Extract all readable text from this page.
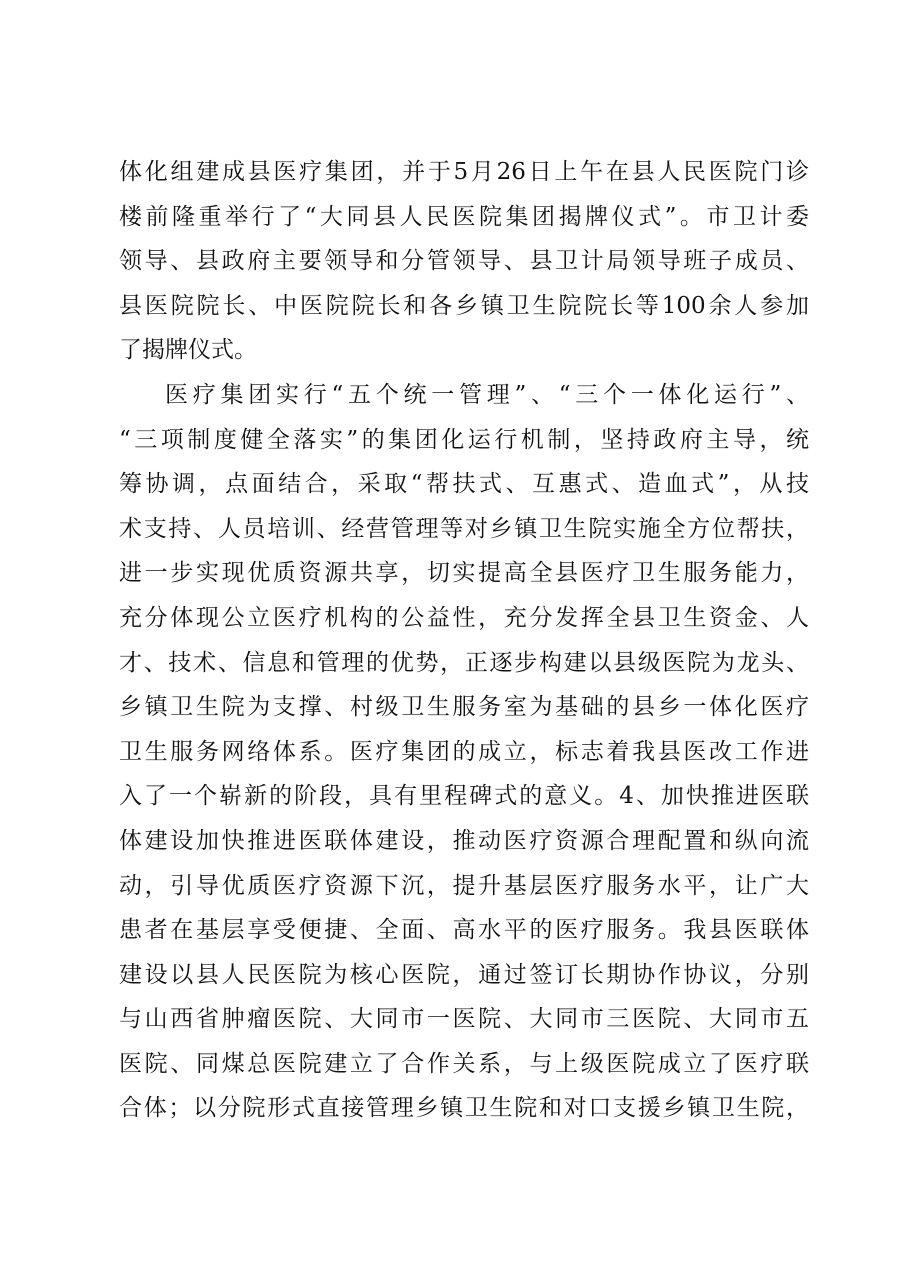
体化组建成县医疗集团，并于5月26日上午在县人民医院门诊
楼前隆重举行了“大同县人民医院集团揭牌仪式”。市卫计委
领导、县政府主要领导和分管领导、县卫计局领导班子成员、
县医院院长、中医院院长和各乡镇卫生院院长等100余人参加
了揭牌仪式。
医疗集团实行“五个统一管理”、“三个一体化运行”、
“三项制度健全落实”的集团化运行机制，坚持政府主导，统
筹协调，点面结合，采取“帮扶式、互惠式、造血式”，从技
术支持、人员培训、经营管理等对乡镇卫生院实施全方位帮扶，
进一步实现优质资源共享，切实提高全县医疗卫生服务能力，
充分体现公立医疗机构的公益性，充分发挥全县卫生资金、人
才、技术、信息和管理的优势，正逐步构建以县级医院为龙头、
乡镇卫生院为支撑、村级卫生服务室为基础的县乡一体化医疗
卫生服务网络体系。医疗集团的成立，标志着我县医改工作进
入了一个崭新的阶段，具有里程碑式的意义。4、加快推进医联
体建设加快推进医联体建设，推动医疗资源合理配置和纵向流
动，引导优质医疗资源下沉，提升基层医疗服务水平，让广大
患者在基层享受便捷、全面、高水平的医疗服务。我县医联体
建设以县人民医院为核心医院，通过签订长期协作协议，分别
与山西省肿瘤医院、大同市一医院、大同市三医院、大同市五
医院、同煤总医院建立了合作关系，与上级医院成立了医疗联
合体；以分院形式直接管理乡镇卫生院和对口支援乡镇卫生院，
